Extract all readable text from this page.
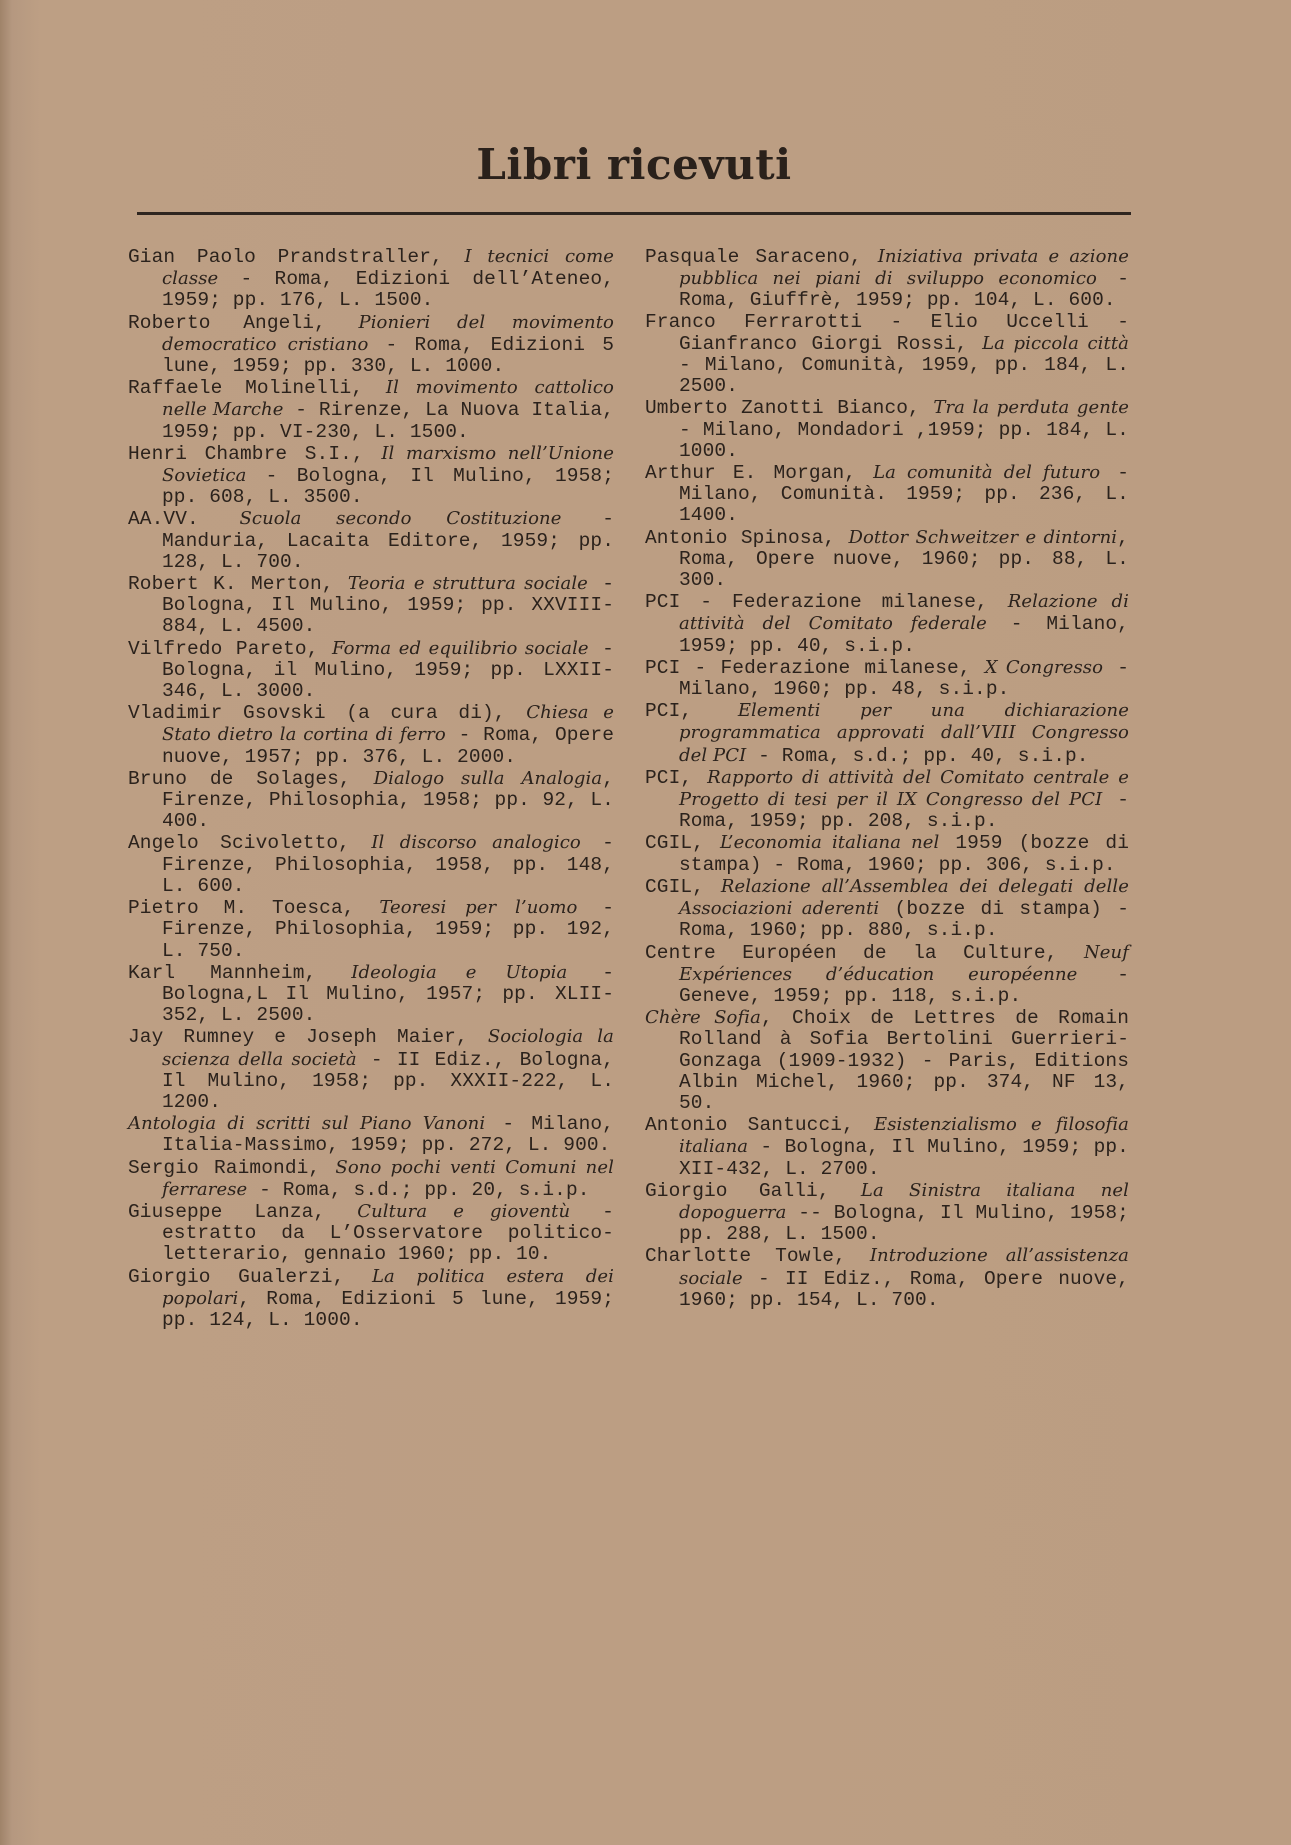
Libri ricevuti

Gian Paolo Prandstraller, I tecnici come classe - Roma, Edizioni dell’Ateneo, 1959; pp. 176, L. 1500.

Roberto Angeli, Pionieri del movimento democratico cristiano - Roma, Edizioni 5 lune, 1959; pp. 330, L. 1000.

Raffaele Molinelli, Il movimento cattolico nelle Marche - Rirenze, La Nuova Italia, 1959; pp. VI-230, L. 1500.

Henri Chambre S.I., Il marxismo nell’Unione Sovietica - Bologna, Il Mulino, 1958; pp. 608, L. 3500.

AA.VV. Scuola secondo Costituzione - Manduria, Lacaita Editore, 1959; pp. 128, L. 700.

Robert K. Merton, Teoria e struttura sociale - Bologna, Il Mulino, 1959; pp. XXVIII-884, L. 4500.

Vilfredo Pareto, Forma ed equilibrio sociale - Bologna, il Mulino, 1959; pp. LXXII-346, L. 3000.

Vladimir Gsovski (a cura di), Chiesa e Stato dietro la cortina di ferro - Roma, Opere nuove, 1957; pp. 376, L. 2000.

Bruno de Solages, Dialogo sulla Analogia, Firenze, Philosophia, 1958; pp. 92, L. 400.

Angelo Scivoletto, Il discorso analogico - Firenze, Philosophia, 1958, pp. 148, L. 600.

Pietro M. Toesca, Teoresi per l’uomo - Firenze, Philosophia, 1959; pp. 192, L. 750.

Karl Mannheim, Ideologia e Utopia - Bologna,L Il Mulino, 1957; pp. XLII-352, L. 2500.

Jay Rumney e Joseph Maier, Sociologia la scienza della società - II Ediz., Bologna, Il Mulino, 1958; pp. XXXII-222, L. 1200.

Antologia di scritti sul Piano Vanoni - Milano, Italia-Massimo, 1959; pp. 272, L. 900.

Sergio Raimondi, Sono pochi venti Comuni nel ferrarese - Roma, s.d.; pp. 20, s.i.p.

Giuseppe Lanza, Cultura e gioventù - estratto da L’Osservatore politico-letterario, gennaio 1960; pp. 10.

Giorgio Gualerzi, La politica estera dei popolari, Roma, Edizioni 5 lune, 1959; pp. 124, L. 1000.

Pasquale Saraceno, Iniziativa privata e azione pubblica nei piani di sviluppo economico - Roma, Giuffrè, 1959; pp. 104, L. 600.

Franco Ferrarotti - Elio Uccelli - Gianfranco Giorgi Rossi, La piccola città - Milano, Comunità, 1959, pp. 184, L. 2500.

Umberto Zanotti Bianco, Tra la perduta gente - Milano, Mondadori ,1959; pp. 184, L. 1000.

Arthur E. Morgan, La comunità del futuro - Milano, Comunità. 1959; pp. 236, L. 1400.

Antonio Spinosa, Dottor Schweitzer e dintorni, Roma, Opere nuove, 1960; pp. 88, L. 300.

PCI - Federazione milanese, Relazione di attività del Comitato federale - Milano, 1959; pp. 40, s.i.p.

PCI - Federazione milanese, X Congresso - Milano, 1960; pp. 48, s.i.p.

PCI, Elementi per una dichiarazione programmatica approvati dall’VIII Congresso del PCI - Roma, s.d.; pp. 40, s.i.p.

PCI, Rapporto di attività del Comitato centrale e Progetto di tesi per il IX Congresso del PCI - Roma, 1959; pp. 208, s.i.p.

CGIL, L’economia italiana nel 1959 (bozze di stampa) - Roma, 1960; pp. 306, s.i.p.

CGIL, Relazione all’Assemblea dei delegati delle Associazioni aderenti (bozze di stampa) - Roma, 1960; pp. 880, s.i.p.

Centre Européen de la Culture, Neuf Expériences d’éducation européenne - Geneve, 1959; pp. 118, s.i.p.

Chère Sofia, Choix de Lettres de Romain Rolland à Sofia Bertolini Guerrieri-Gonzaga (1909-1932) - Paris, Editions Albin Michel, 1960; pp. 374, NF 13, 50.

Antonio Santucci, Esistenzialismo e filosofia italiana - Bologna, Il Mulino, 1959; pp. XII-432, L. 2700.

Giorgio Galli, La Sinistra italiana nel dopoguerra -- Bologna, Il Mulino, 1958; pp. 288, L. 1500.

Charlotte Towle, Introduzione all’assistenza sociale - II Ediz., Roma, Opere nuove, 1960; pp. 154, L. 700.
